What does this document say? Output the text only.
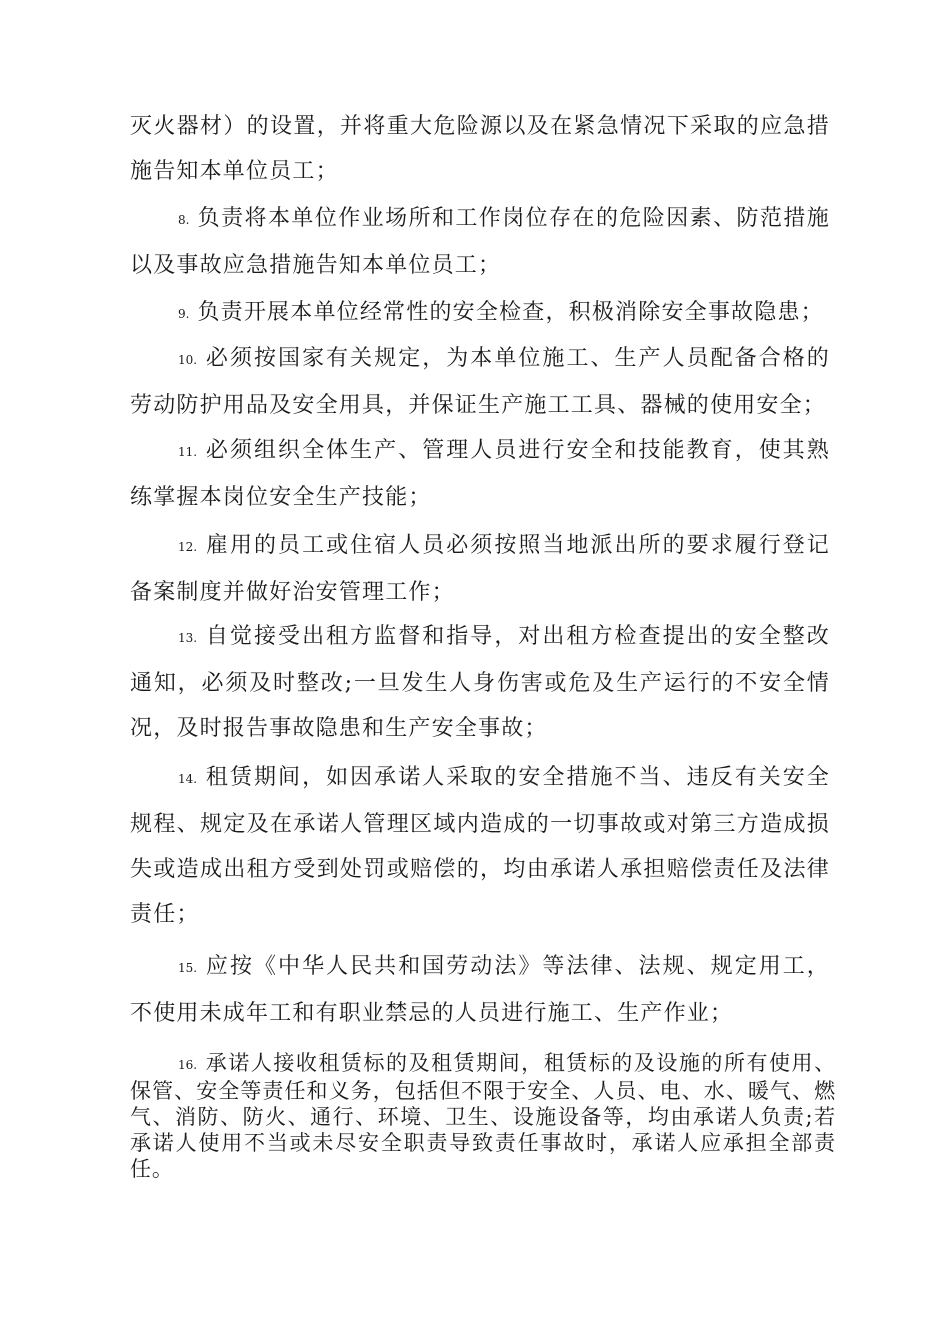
灭火器材）的设置，并将重大危险源以及在紧急情况下采取的应急措施告知本单位员工；

8. 负责将本单位作业场所和工作岗位存在的危险因素、防范措施以及事故应急措施告知本单位员工；

9. 负责开展本单位经常性的安全检查，积极消除安全事故隐患；

10. 必须按国家有关规定，为本单位施工、生产人员配备合格的劳动防护用品及安全用具，并保证生产施工工具、器械的使用安全；

11. 必须组织全体生产、管理人员进行安全和技能教育，使其熟练掌握本岗位安全生产技能；

12. 雇用的员工或住宿人员必须按照当地派出所的要求履行登记备案制度并做好治安管理工作；

13. 自觉接受出租方监督和指导，对出租方检查提出的安全整改通知，必须及时整改;一旦发生人身伤害或危及生产运行的不安全情况，及时报告事故隐患和生产安全事故；

14. 租赁期间，如因承诺人采取的安全措施不当、违反有关安全规程、规定及在承诺人管理区域内造成的一切事故或对第三方造成损失或造成出租方受到处罚或赔偿的，均由承诺人承担赔偿责任及法律责任；

15. 应按《中华人民共和国劳动法》等法律、法规、规定用工，不使用未成年工和有职业禁忌的人员进行施工、生产作业；

16. 承诺人接收租赁标的及租赁期间，租赁标的及设施的所有使用、保管、安全等责任和义务，包括但不限于安全、人员、电、水、暖气、燃气、消防、防火、通行、环境、卫生、设施设备等，均由承诺人负责;若承诺人使用不当或未尽安全职责导致责任事故时，承诺人应承担全部责任。
